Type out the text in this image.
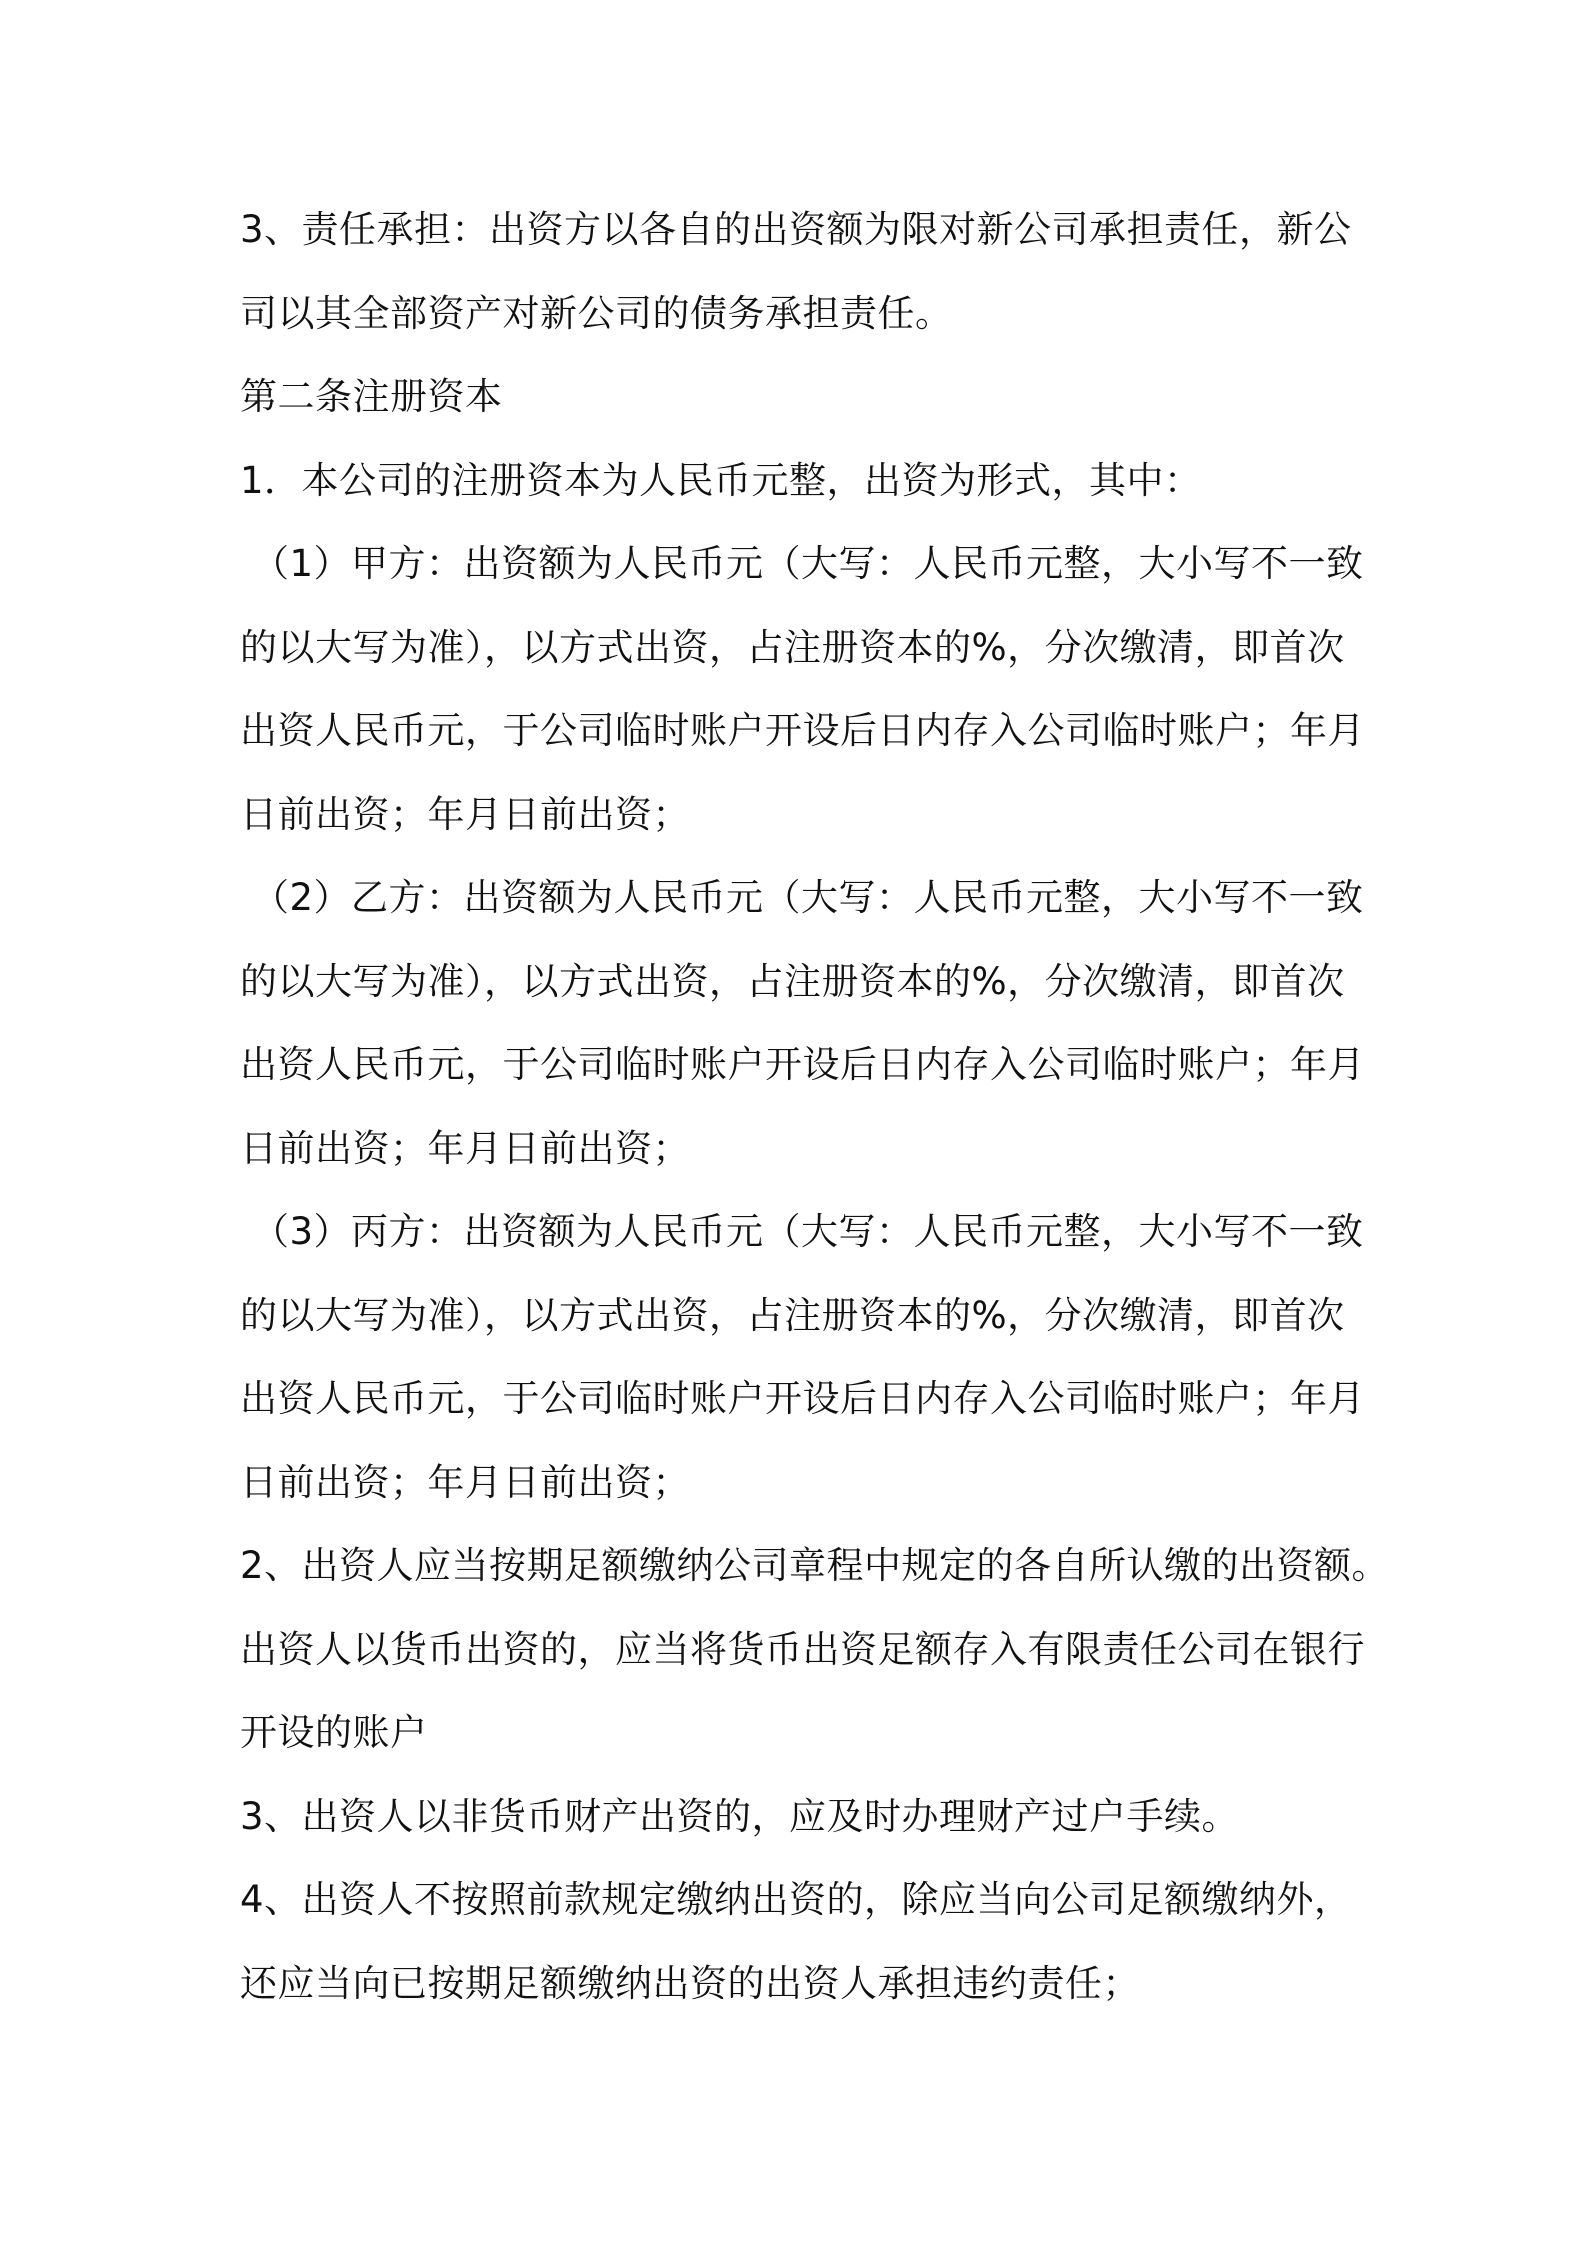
3、责任承担：出资方以各自的出资额为限对新公司承担责任，新公
司以其全部资产对新公司的债务承担责任。
第二条注册资本
1．本公司的注册资本为人民币元整，出资为形式，其中：
（1）甲方：出资额为人民币元（大写：人民币元整，大小写不一致
的以大写为准），以方式出资，占注册资本的%，分次缴清，即首次
出资人民币元，于公司临时账户开设后日内存入公司临时账户；年月
日前出资；年月日前出资；
（2）乙方：出资额为人民币元（大写：人民币元整，大小写不一致
的以大写为准），以方式出资，占注册资本的%，分次缴清，即首次
出资人民币元，于公司临时账户开设后日内存入公司临时账户；年月
日前出资；年月日前出资；
（3）丙方：出资额为人民币元（大写：人民币元整，大小写不一致
的以大写为准），以方式出资，占注册资本的%，分次缴清，即首次
出资人民币元，于公司临时账户开设后日内存入公司临时账户；年月
日前出资；年月日前出资；
2、出资人应当按期足额缴纳公司章程中规定的各自所认缴的出资额。
出资人以货币出资的，应当将货币出资足额存入有限责任公司在银行
开设的账户
3、出资人以非货币财产出资的，应及时办理财产过户手续。
4、出资人不按照前款规定缴纳出资的，除应当向公司足额缴纳外，
还应当向已按期足额缴纳出资的出资人承担违约责任；
